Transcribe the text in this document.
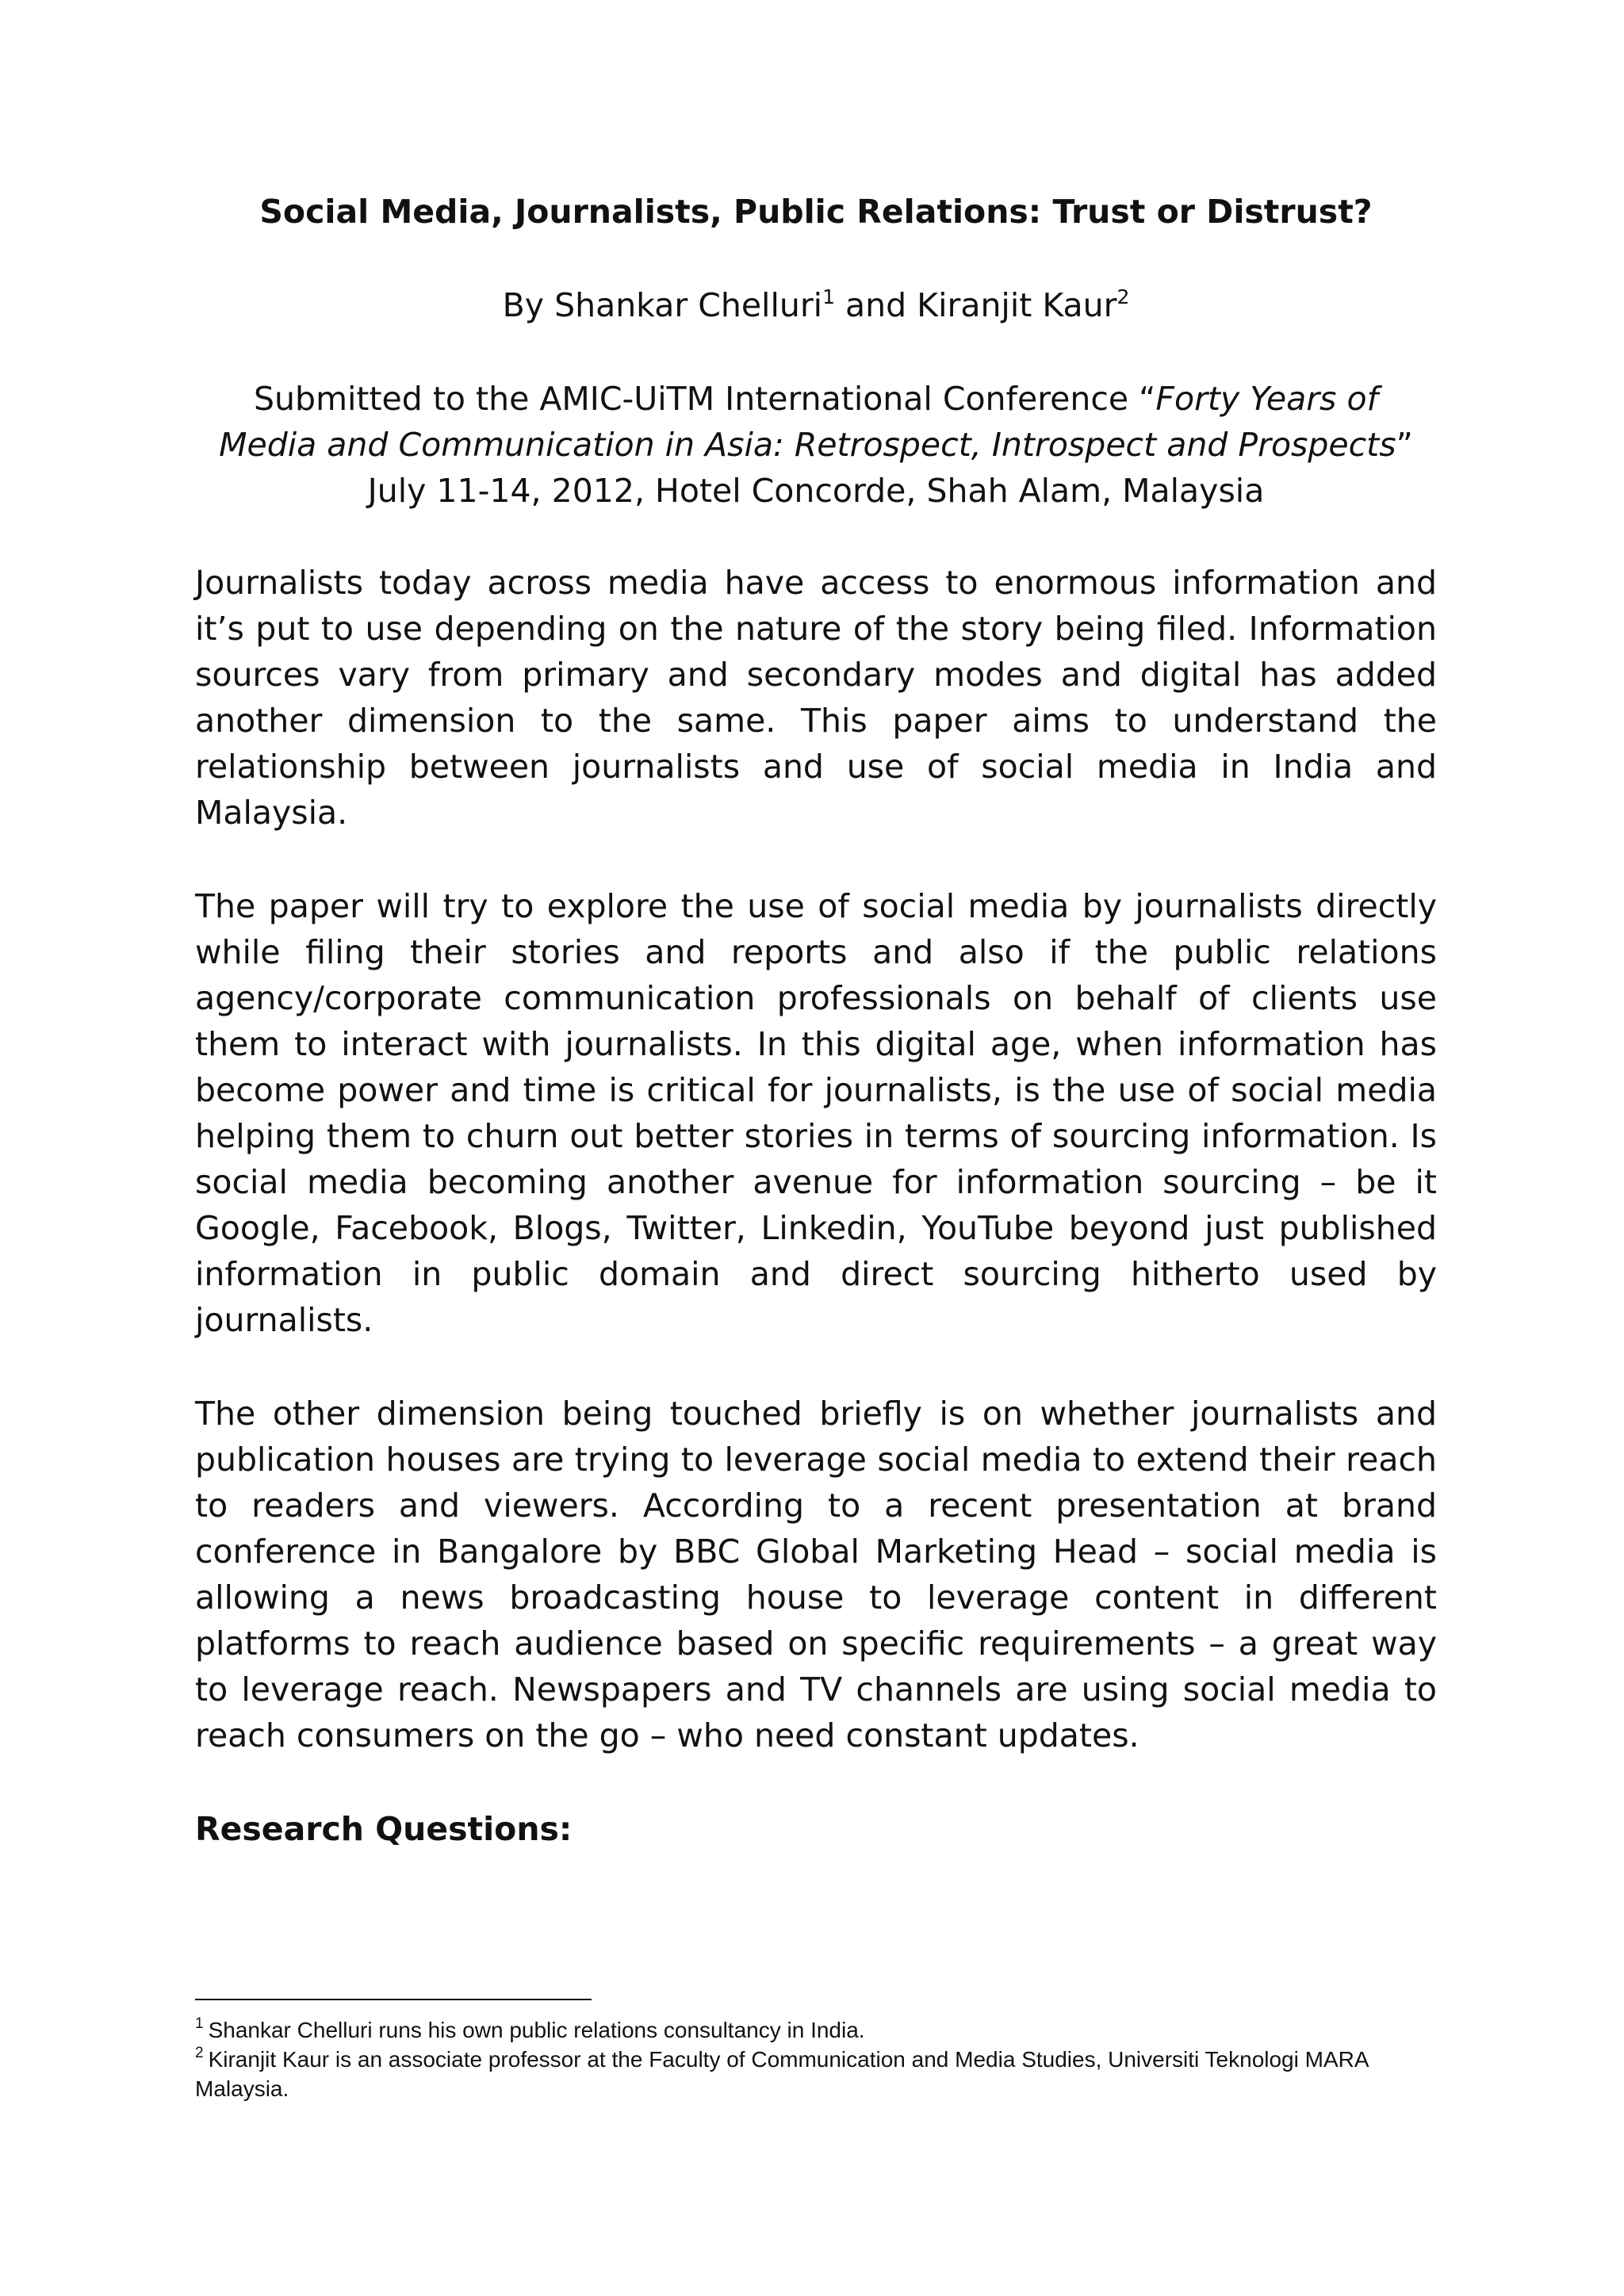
Social Media, Journalists, Public Relations: Trust or Distrust?

By Shankar Chelluri$^1$ and Kiranjit Kaur$^2$

Submitted to the AMIC-UiTM International Conference “Forty Years of
Media and Communication in Asia: Retrospect, Introspect and Prospects”
July 11-14, 2012, Hotel Concorde, Shah Alam, Malaysia

Journalists today across media have access to enormous information and it’s put to use depending on the nature of the story being filed. Information sources vary from primary and secondary modes and digital has added another dimension to the same. This paper aims to understand the relationship between journalists and use of social media in India and Malaysia.

The paper will try to explore the use of social media by journalists directly while filing their stories and reports and also if the public relations agency/corporate communication professionals on behalf of clients use them to interact with journalists. In this digital age, when information has become power and time is critical for journalists, is the use of social media helping them to churn out better stories in terms of sourcing information. Is social media becoming another avenue for information sourcing – be it Google, Facebook, Blogs, Twitter, Linkedin, YouTube beyond just published information in public domain and direct sourcing hitherto used by journalists.

The other dimension being touched briefly is on whether journalists and publication houses are trying to leverage social media to extend their reach to readers and viewers. According to a recent presentation at brand conference in Bangalore by BBC Global Marketing Head – social media is allowing a news broadcasting house to leverage content in different platforms to reach audience based on specific requirements – a great way to leverage reach. Newspapers and TV channels are using social media to reach consumers on the go – who need constant updates.

Research Questions:

$^1$ Shankar Chelluri runs his own public relations consultancy in India.

$^2$ Kiranjit Kaur is an associate professor at the Faculty of Communication and Media Studies, Universiti Teknologi MARA Malaysia.
